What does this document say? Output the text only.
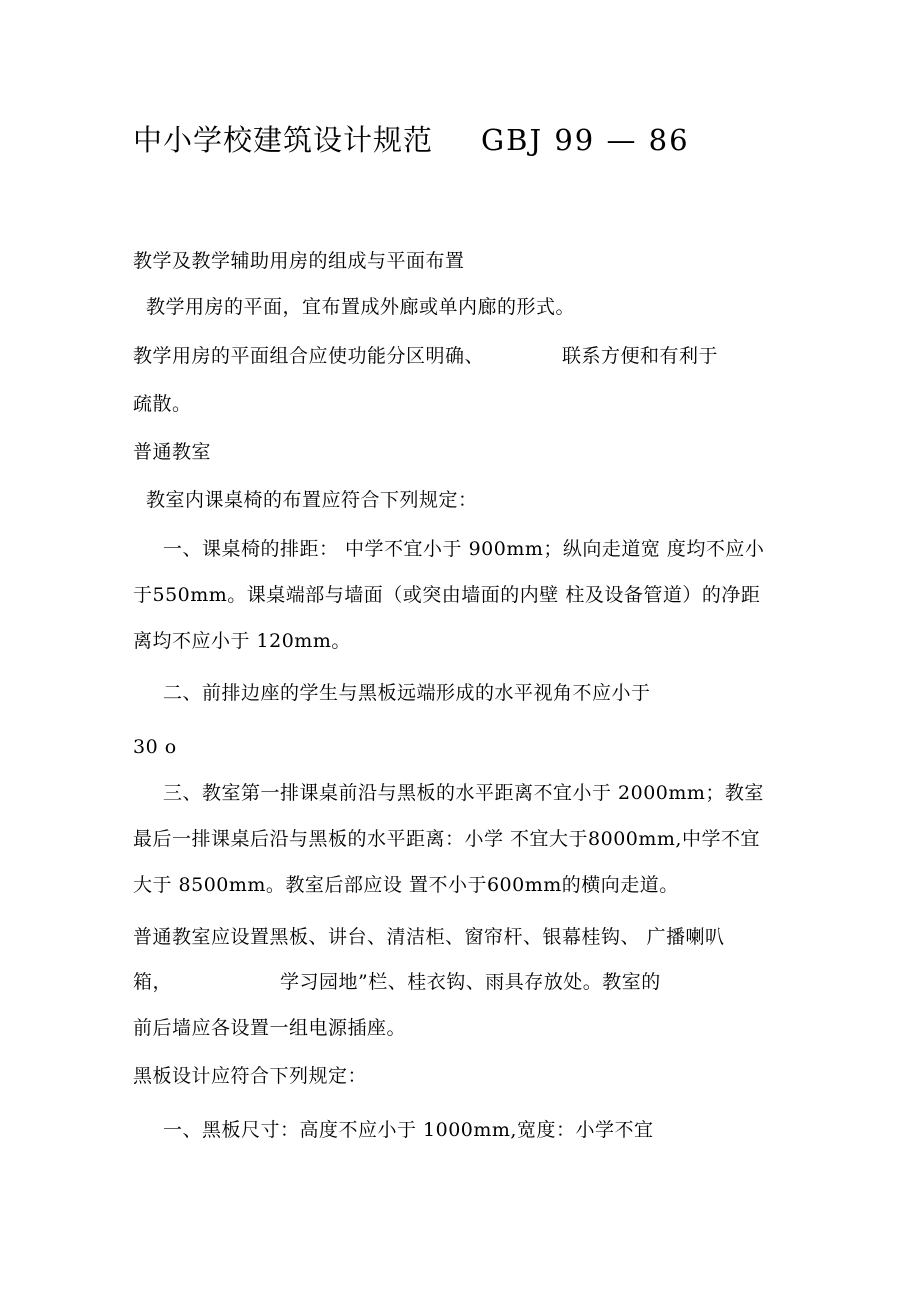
中小学校建筑设计规范 GBJ 99 — 86
教学及教学辅助用房的组成与平面布置
教学用房的平面，宜布置成外廊或单内廊的形式。
教学用房的平面组合应使功能分区明确、	联系方便和有利于
疏散。
普通教室
教室内课桌椅的布置应符合下列规定：
一、课桌椅的排距： 中学不宜小于 900mm；纵向走道宽 度均不应小
于550mm。课桌端部与墙面（或突由墙面的内壁 柱及设备管道）的净距
离均不应小于 120mm。
二、前排边座的学生与黑板远端形成的水平视角不应小于
30 o
三、教室第一排课桌前沿与黑板的水平距离不宜小于 2000mm；教室
最后一排课桌后沿与黑板的水平距离：小学 不宜大于8000mm,中学不宜
大于 8500mm。教室后部应设 置不小于600mm的横向走道。
普通教室应设置黑板、讲台、清洁柜、窗帘杆、银幕桂钩、 广播喇叭
箱，	学习园地”栏、桂衣钩、雨具存放处。教室的
前后墙应各设置一组电源插座。
黑板设计应符合下列规定：
一、黑板尺寸：高度不应小于 1000mm,宽度：小学不宜
